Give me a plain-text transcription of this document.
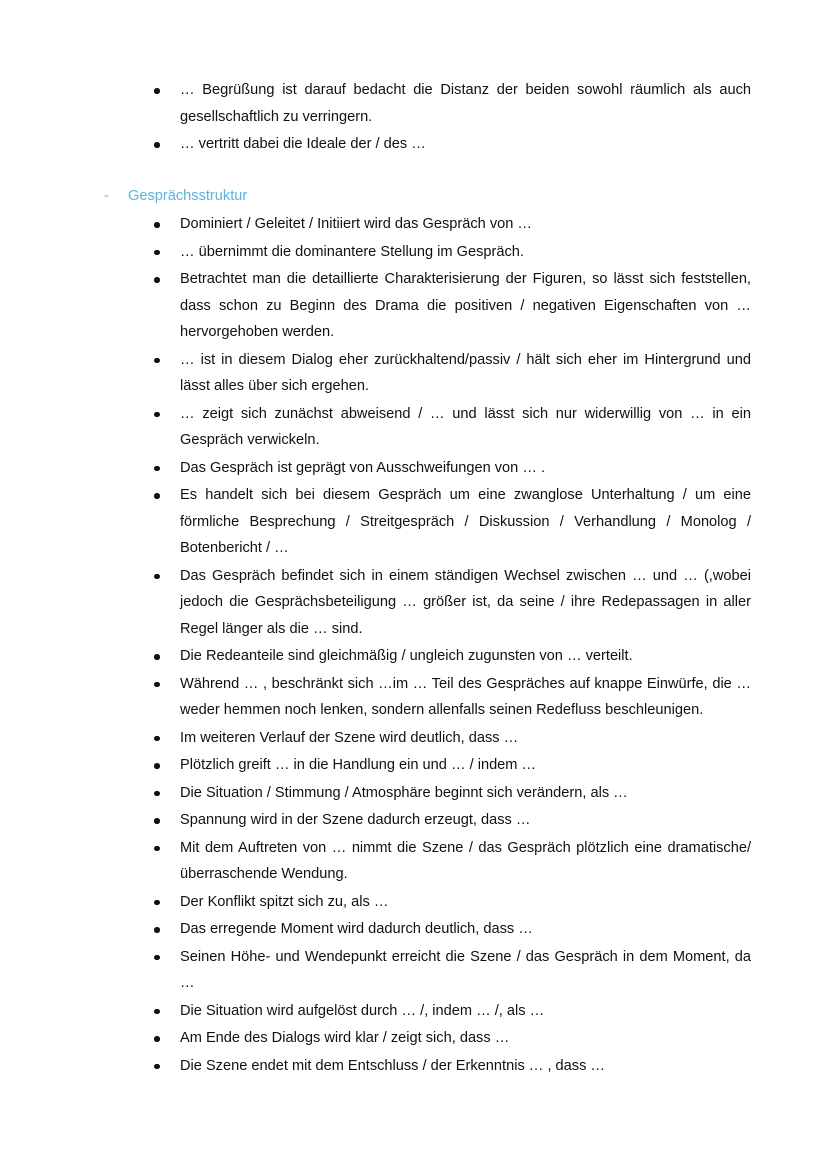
… Begrüßung ist darauf bedacht die Distanz der beiden sowohl räumlich als auch gesellschaftlich zu verringern.
… vertritt dabei die Ideale der / des …
- Gesprächsstruktur
Dominiert / Geleitet / Initiiert wird das Gespräch von …
… übernimmt die dominantere Stellung im Gespräch.
Betrachtet man die detaillierte Charakterisierung der Figuren, so lässt sich feststellen, dass schon zu Beginn des Drama die positiven / negativen Eigenschaften von … hervorgehoben werden.
… ist in diesem Dialog eher zurückhaltend/passiv / hält sich eher im Hintergrund und lässt alles über sich ergehen.
… zeigt sich zunächst abweisend / … und lässt sich nur widerwillig von … in ein Gespräch verwickeln.
Das Gespräch ist geprägt von Ausschweifungen von … .
Es handelt sich bei diesem Gespräch um eine zwanglose Unterhaltung / um eine förmliche Besprechung / Streitgespräch / Diskussion / Verhandlung / Monolog / Botenbericht / …
Das Gespräch befindet sich in einem ständigen Wechsel zwischen … und … (,wobei jedoch die Gesprächsbeteiligung … größer ist, da seine / ihre Redepassagen in aller Regel länger als die … sind.
Die Redeanteile sind gleichmäßig / ungleich zugunsten von … verteilt.
Während … , beschränkt sich …im … Teil des Gespräches auf knappe Einwürfe, die … weder hemmen noch lenken, sondern allenfalls seinen Redefluss beschleunigen.
Im weiteren Verlauf der Szene wird deutlich, dass …
Plötzlich greift … in die Handlung ein und … / indem …
Die Situation / Stimmung / Atmosphäre beginnt sich verändern, als …
Spannung wird in der Szene dadurch erzeugt, dass …
Mit dem Auftreten von … nimmt die Szene / das Gespräch plötzlich eine dramatische/ überraschende Wendung.
Der Konflikt spitzt sich zu, als …
Das erregende Moment wird dadurch deutlich, dass …
Seinen Höhe- und Wendepunkt erreicht die Szene / das Gespräch in dem Moment, da …
Die Situation wird aufgelöst durch … /, indem … /, als …
Am Ende des Dialogs wird klar / zeigt sich, dass …
Die Szene endet mit dem Entschluss / der Erkenntnis … , dass …
